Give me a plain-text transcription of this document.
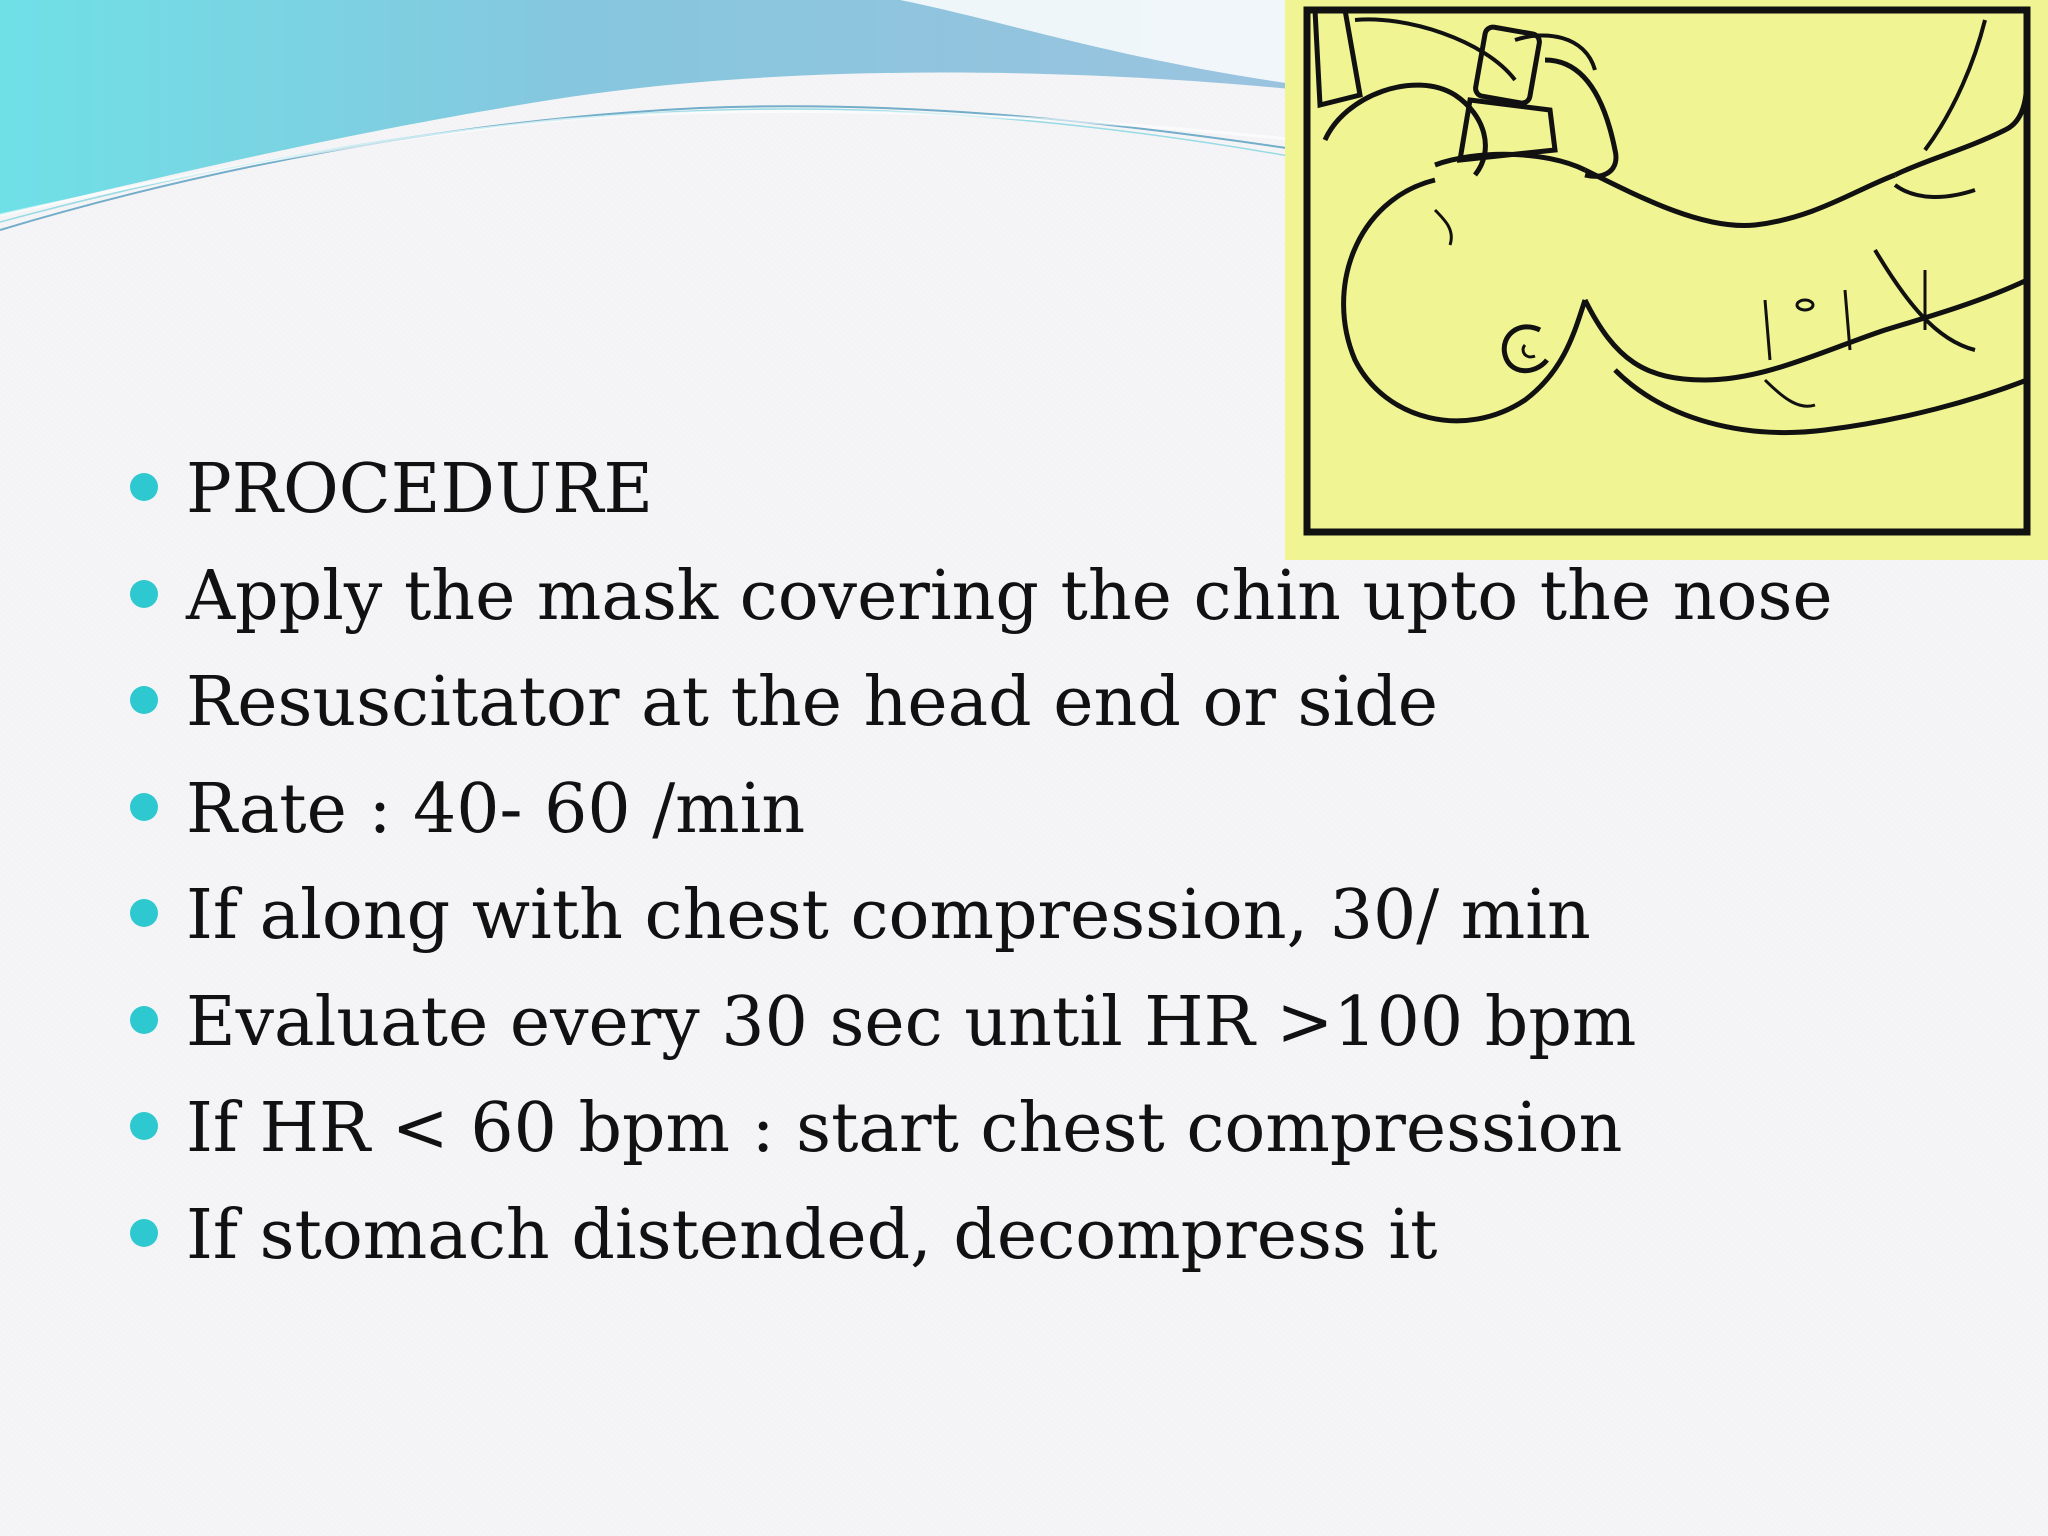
PROCEDURE
Apply the mask covering the chin upto the nose
Resuscitator at the head end or side
Rate : 40- 60 /min
If along with chest compression, 30/ min
Evaluate every 30 sec until HR >100 bpm
If HR < 60 bpm : start chest compression
If stomach distended, decompress it
